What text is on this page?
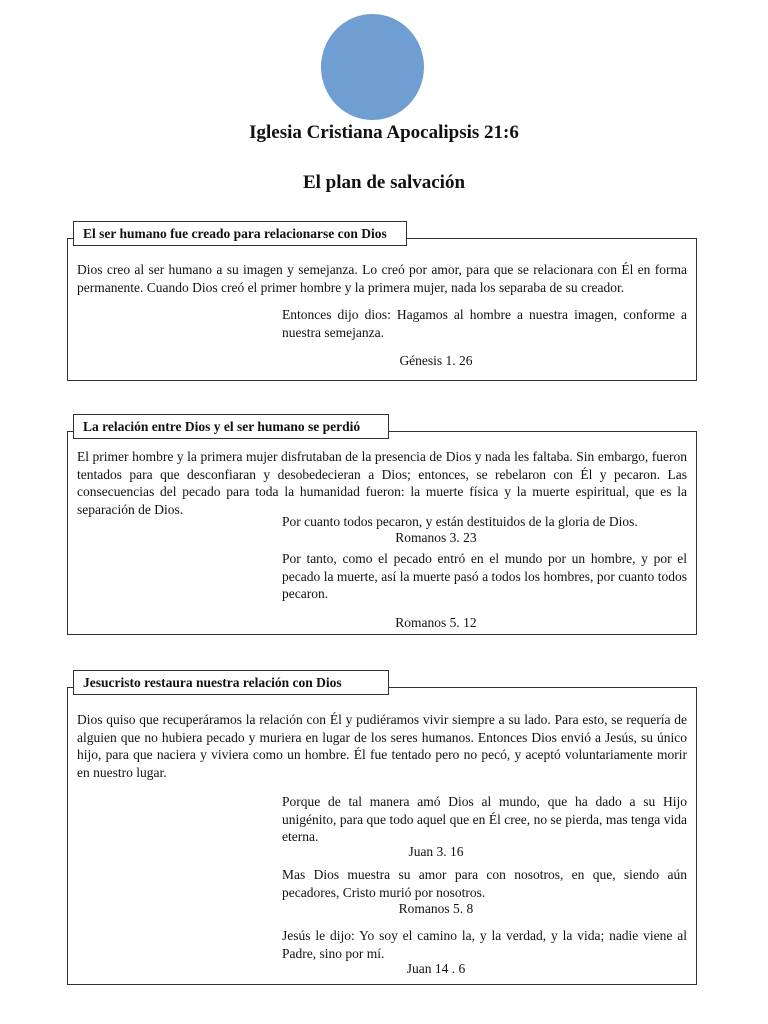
Iglesia Cristiana Apocalipsis 21:6
El plan de salvación
El ser humano fue creado para relacionarse con Dios

Dios creo al ser humano a su imagen y semejanza. Lo creó por amor, para que se relacionara con Él en forma permanente. Cuando Dios creó el primer hombre y la primera mujer, nada los separaba de su creador.

Entonces dijo dios: Hagamos al hombre a nuestra imagen, conforme a nuestra semejanza.

Génesis 1. 26
La relación entre Dios y el ser humano se perdió

El primer hombre y la primera mujer disfrutaban de la presencia de Dios y nada les faltaba. Sin embargo, fueron tentados para que desconfiaran y desobedecieran a Dios; entonces, se rebelaron con Él y pecaron. Las consecuencias del pecado para toda la humanidad fueron: la muerte física y la muerte espiritual, que es la separación de Dios.

Por cuanto todos pecaron, y están destituidos de la gloria de Dios.

Romanos 3. 23

Por tanto, como el pecado entró en el mundo por un hombre, y por el pecado la muerte, así la muerte pasó a todos los hombres, por cuanto todos pecaron.

Romanos 5. 12
Jesucristo restaura nuestra relación con Dios

Dios quiso que recuperáramos la relación con Él y pudiéramos vivir siempre a su lado. Para esto, se requería de alguien que no hubiera pecado y muriera en lugar de los seres humanos. Entonces Dios envió a Jesús, su único hijo, para que naciera y viviera como un hombre. Él fue tentado pero no pecó, y aceptó voluntariamente morir en nuestro lugar.

Porque de tal manera amó Dios al mundo, que ha dado a su Hijo unigénito, para que todo aquel que en Él cree, no se pierda, mas tenga vida eterna.

Juan 3. 16

Mas Dios muestra su amor para con nosotros, en que, siendo aún pecadores, Cristo murió por nosotros.

Romanos 5. 8

Jesús le dijo: Yo soy el camino la, y la verdad, y la vida; nadie viene al Padre, sino por mí.

Juan 14 . 6
